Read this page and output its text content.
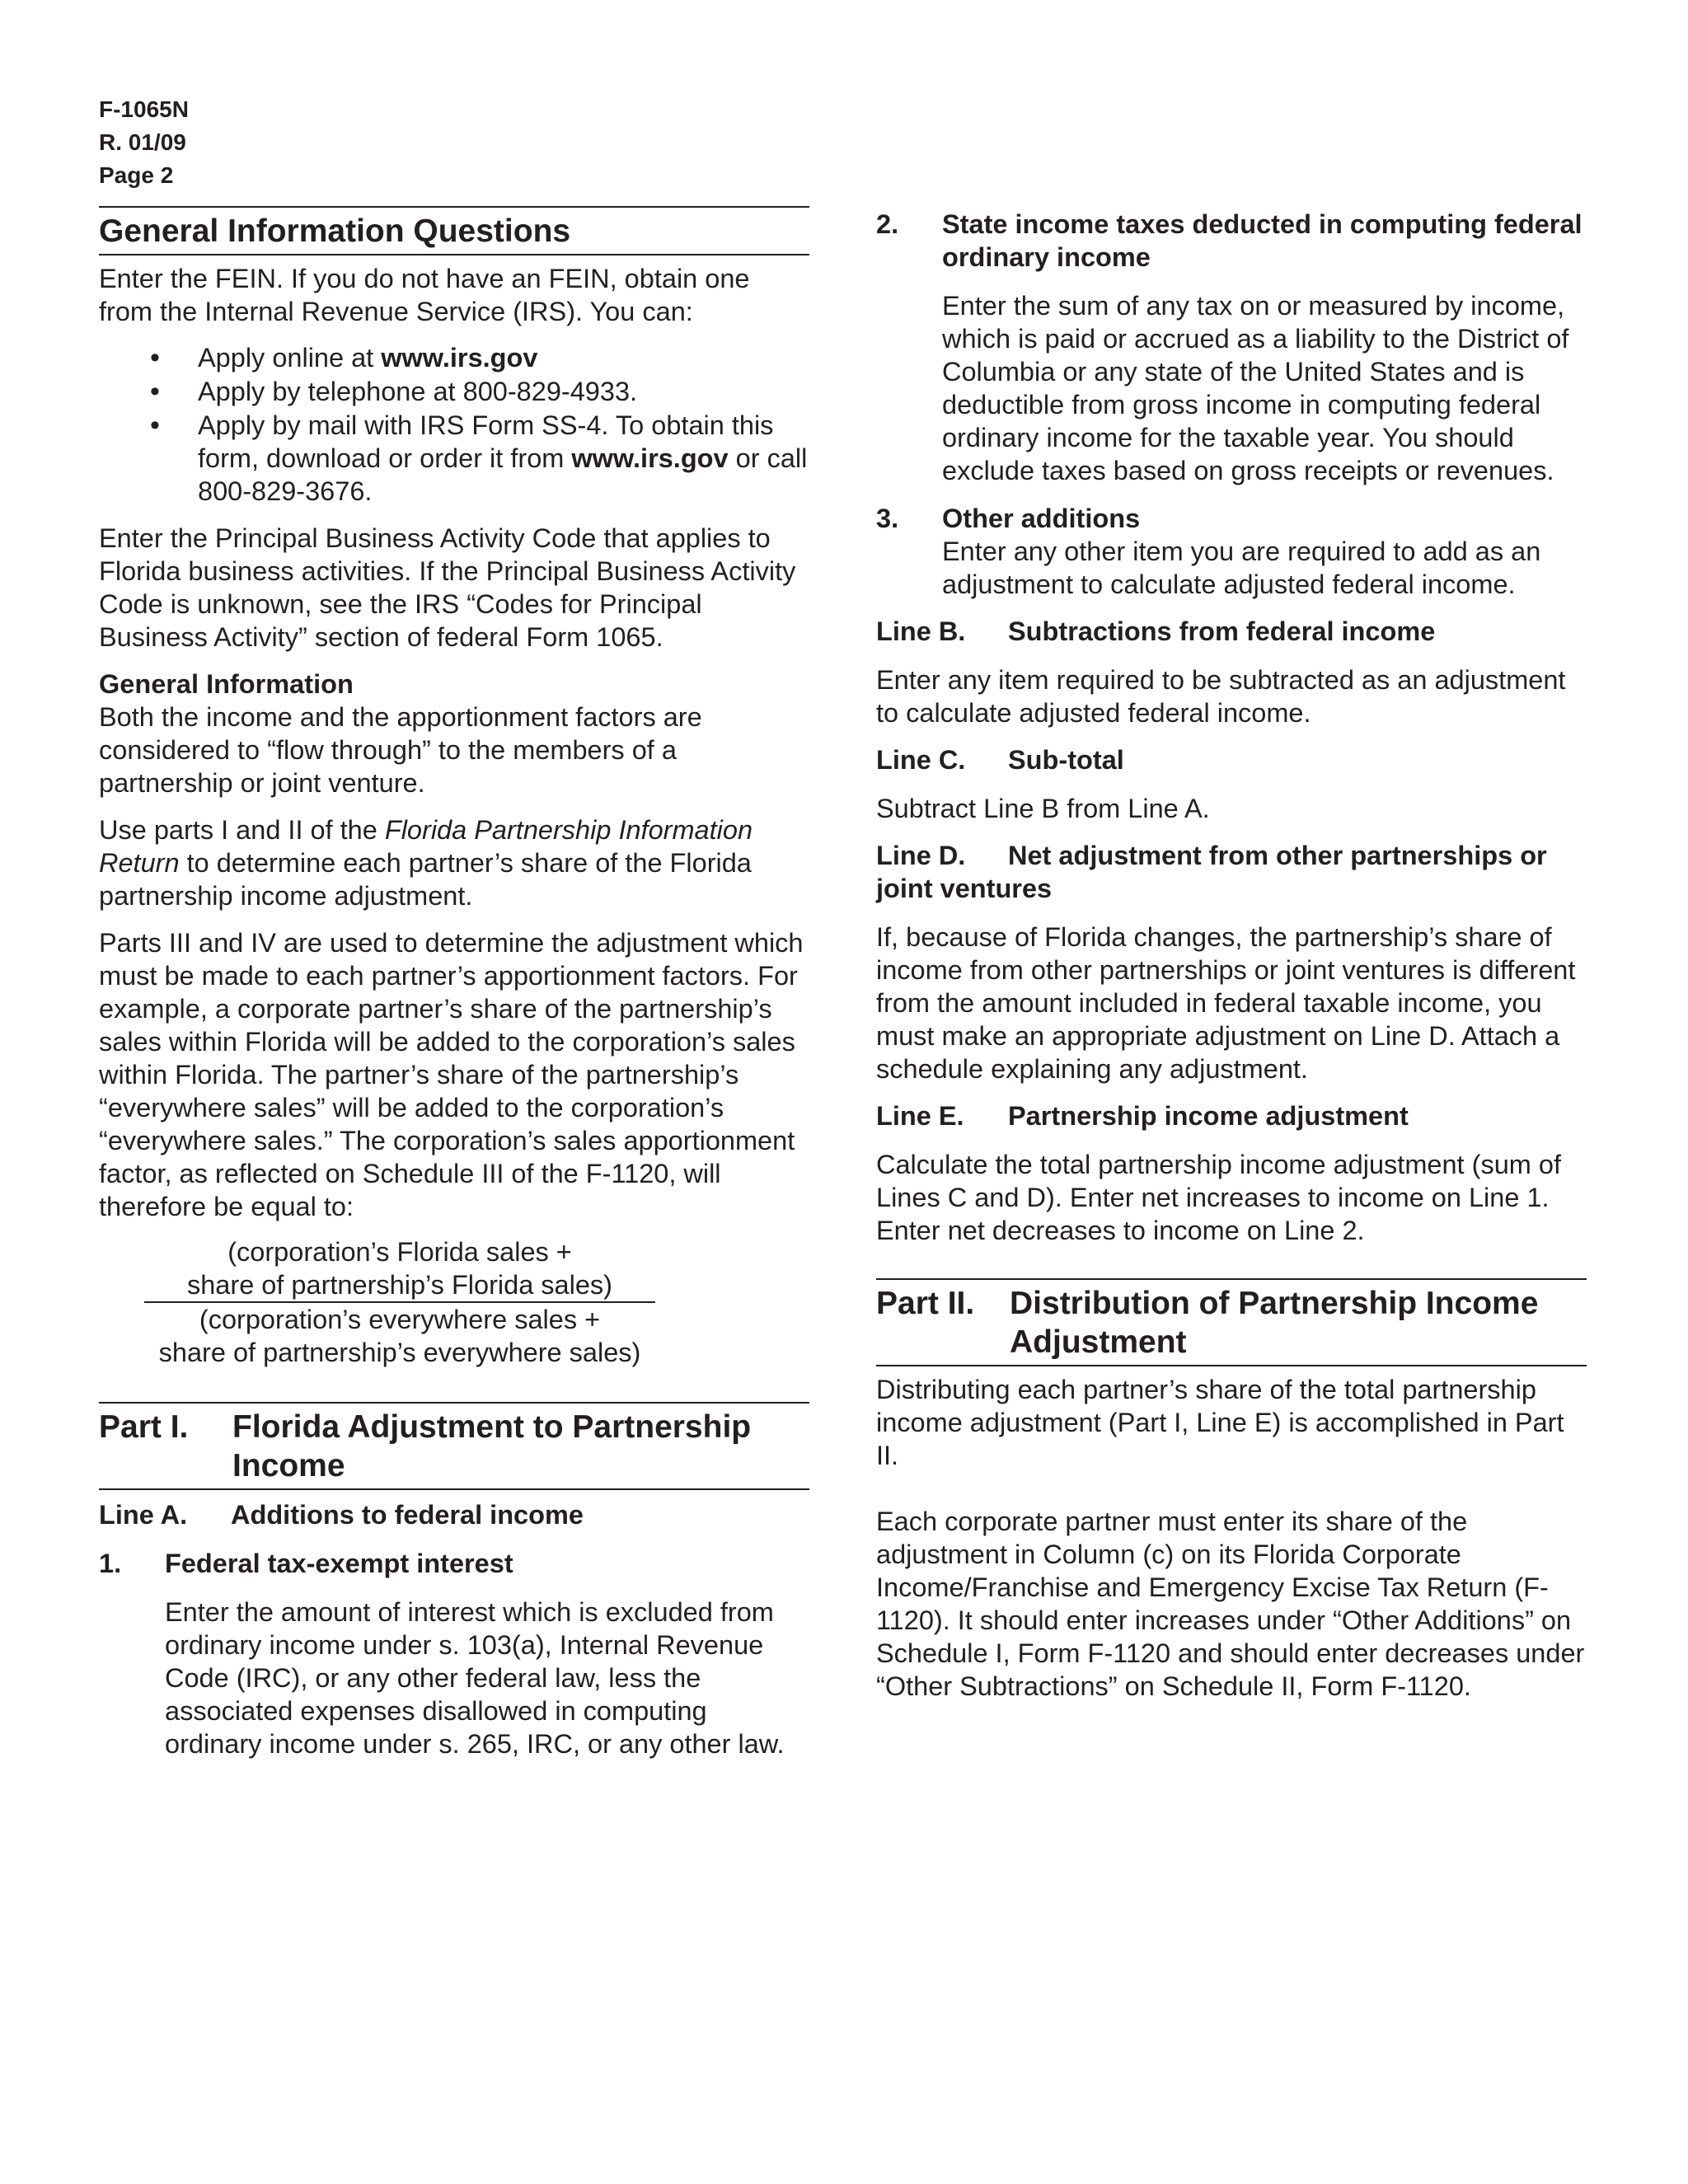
F-1065N
R. 01/09
Page 2
General Information Questions

Enter the FEIN. If you do not have an FEIN, obtain one from the Internal Revenue Service (IRS). You can:

•	Apply online at www.irs.gov
•	Apply by telephone at 800-829-4933.
•	Apply by mail with IRS Form SS-4. To obtain this form, download or order it from www.irs.gov or call 800-829-3676.

Enter the Principal Business Activity Code that applies to Florida business activities. If the Principal Business Activity Code is unknown, see the IRS “Codes for Principal Business Activity” section of federal Form 1065.

General Information

Both the income and the apportionment factors are considered to “flow through” to the members of a partnership or joint venture.

Use parts I and II of the Florida Partnership Information Return to determine each partner’s share of the Florida partnership income adjustment.

Parts III and IV are used to determine the adjustment which must be made to each partner’s apportionment factors. For example, a corporate partner’s share of the partnership’s sales within Florida will be added to the corporation’s sales within Florida. The partner’s share of the partnership’s “everywhere sales” will be added to the corporation’s “everywhere sales.” The corporation’s sales apportionment factor, as reflected on Schedule III of the F-1120, will therefore be equal to:

(corporation’s Florida sales +
share of partnership’s Florida sales)
(corporation’s everywhere sales +
share of partnership’s everywhere sales)
Part I. Florida Adjustment to Partnership Income
Line A. Additions to federal income
1.	Federal tax-exempt interest
Enter the amount of interest which is excluded from ordinary income under s. 103(a), Internal Revenue Code (IRC), or any other federal law, less the associated expenses disallowed in computing ordinary income under s. 265, IRC, or any other law.
2.	State income taxes deducted in computing federal ordinary income
Enter the sum of any tax on or measured by income, which is paid or accrued as a liability to the District of Columbia or any state of the United States and is deductible from gross income in computing federal ordinary income for the taxable year. You should exclude taxes based on gross receipts or revenues.
3.	Other additions
Enter any other item you are required to add as an adjustment to calculate adjusted federal income.
Line B. Subtractions from federal income

Enter any item required to be subtracted as an adjustment to calculate adjusted federal income.

Line C. Sub-total

Subtract Line B from Line A.

Line D. Net adjustment from other partnerships or joint ventures

If, because of Florida changes, the partnership’s share of income from other partnerships or joint ventures is different from the amount included in federal taxable income, you must make an appropriate adjustment on Line D. Attach a schedule explaining any adjustment.

Line E. Partnership income adjustment

Calculate the total partnership income adjustment (sum of Lines C and D). Enter net increases to income on Line 1. Enter net decreases to income on Line 2.

Part II. Distribution of Partnership Income Adjustment

Distributing each partner’s share of the total partnership income adjustment (Part I, Line E) is accomplished in Part II.

Each corporate partner must enter its share of the adjustment in Column (c) on its Florida Corporate Income/Franchise and Emergency Excise Tax Return (F-1120). It should enter increases under “Other Additions” on Schedule I, Form F-1120 and should enter decreases under “Other Subtractions” on Schedule II, Form F-1120.
